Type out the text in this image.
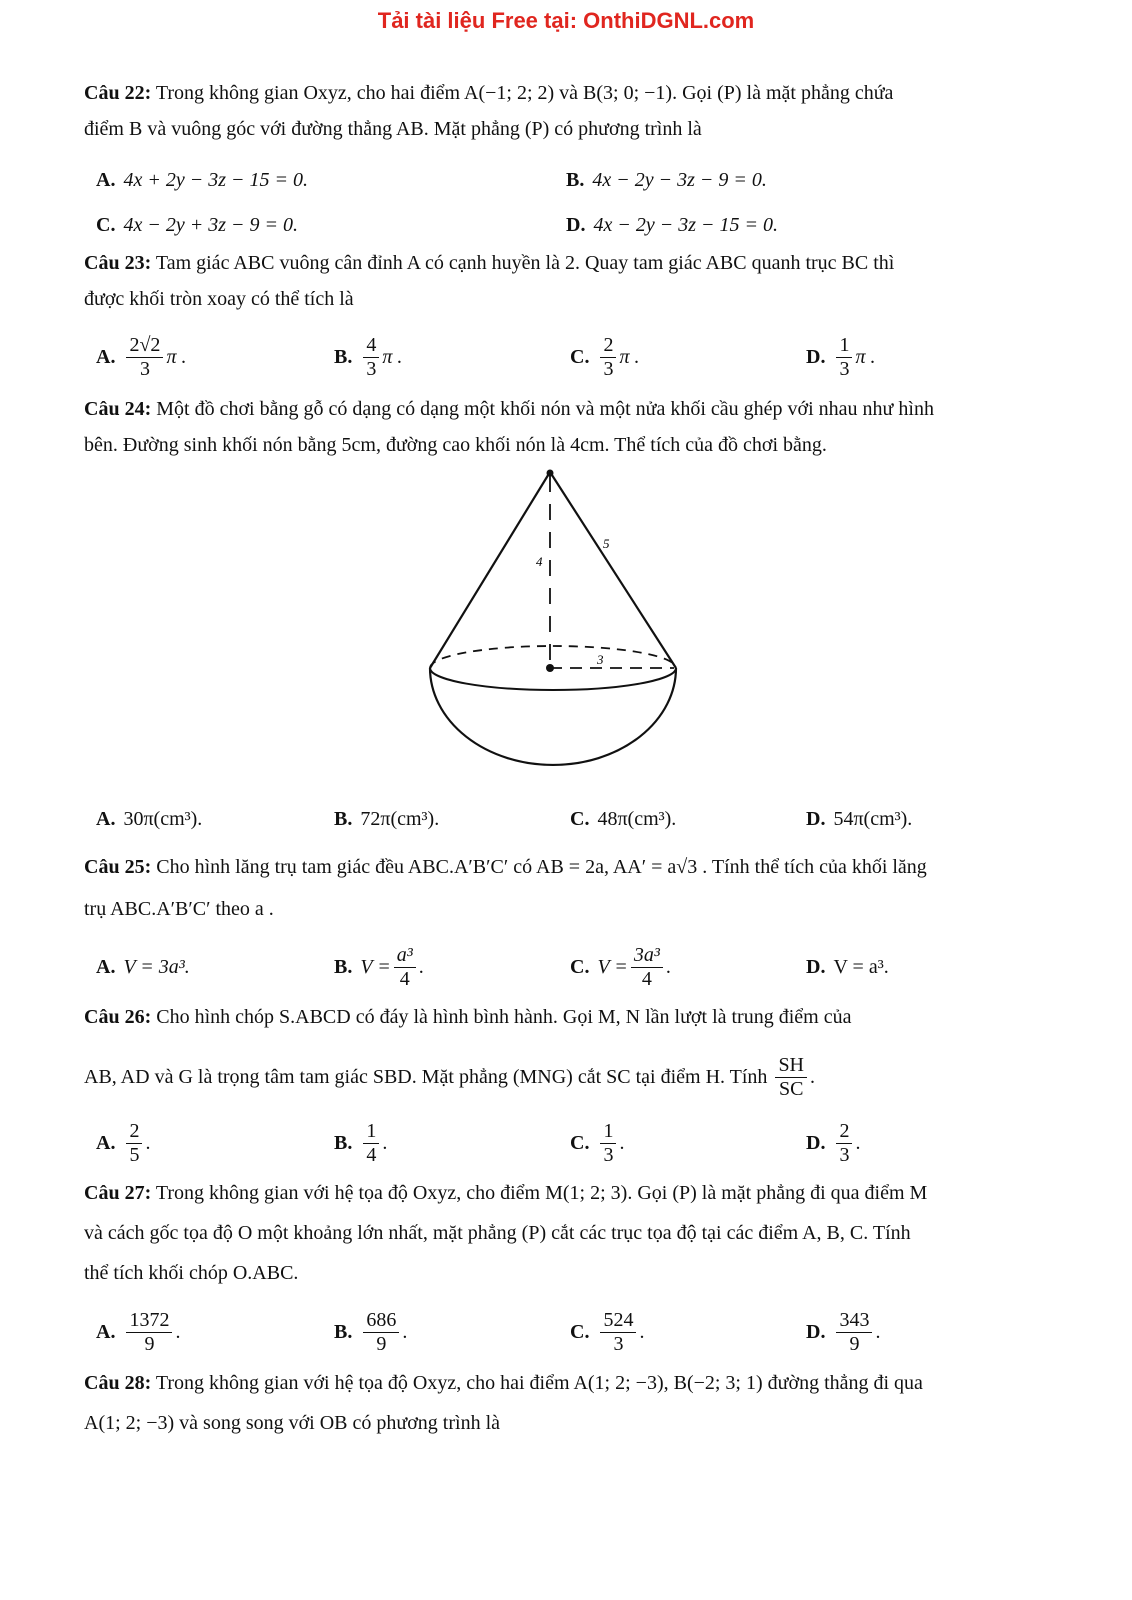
Tải tài liệu Free tại: OnthiDGNL.com

Câu 22: Trong không gian Oxyz, cho hai điểm A(−1; 2; 2) và B(3; 0; −1). Gọi (P) là mặt phẳng chứa

điểm B và vuông góc với đường thẳng AB. Mặt phẳng (P) có phương trình là

A. 4x + 2y − 3z − 15 = 0.	B. 4x − 2y − 3z − 9 = 0.
C. 4x − 2y + 3z − 9 = 0.	D. 4x − 2y − 3z − 15 = 0.

Câu 23: Tam giác ABC vuông cân đỉnh A có cạnh huyền là 2. Quay tam giác ABC quanh trục BC thì

được khối tròn xoay có thể tích là

A. $\frac{2√2}{3}$ π .	B. $\frac{4}{3}$ π .	C. $\frac{2}{3}$ π .	D. $\frac{1}{3}$ π .

Câu 24: Một đồ chơi bằng gỗ có dạng có dạng một khối nón và một nửa khối cầu ghép với nhau như hình

bên. Đường sinh khối nón bằng 5cm, đường cao khối nón là 4cm. Thể tích của đồ chơi bằng.

5
4
3
A. 30π(cm³).	B. 72π(cm³).	C. 48π(cm³).	D. 54π(cm³).

Câu 25: Cho hình lăng trụ tam giác đều ABC.A′B′C′ có AB = 2a, AA′ = a√3 . Tính thể tích của khối lăng

trụ ABC.A′B′C′ theo a .

A. V = 3a³.	B. $V = \frac{\text{a³}}{4}$ .	C. $V = \frac{\text{3a³}}{4}$ .	D. V = a³.

Câu 26: Cho hình chóp S.ABCD có đáy là hình bình hành. Gọi M, N lần lượt là trung điểm của

AB, AD và G là trọng tâm tam giác SBD. Mặt phẳng (MNG) cắt SC tại điểm H. Tính
$\frac{SH}{SC}$ .

A. $\frac{2}{5}$ .	B. $\frac{1}{4}$ .	C. $\frac{1}{3}$ .	D. $\frac{2}{3}$ .

Câu 27: Trong không gian với hệ tọa độ Oxyz, cho điểm M(1; 2; 3). Gọi (P) là mặt phẳng đi qua điểm M

và cách gốc tọa độ O một khoảng lớn nhất, mặt phẳng (P) cắt các trục tọa độ tại các điểm A, B, C. Tính

thể tích khối chóp O.ABC.

A. $\frac{1372}{9}$ .	B. $\frac{686}{9}$ .	C. $\frac{524}{3}$ .	D. $\frac{343}{9}$ .

Câu 28: Trong không gian với hệ tọa độ Oxyz, cho hai điểm A(1; 2; −3), B(−2; 3; 1) đường thẳng đi qua

A(1; 2; −3) và song song với OB có phương trình là
